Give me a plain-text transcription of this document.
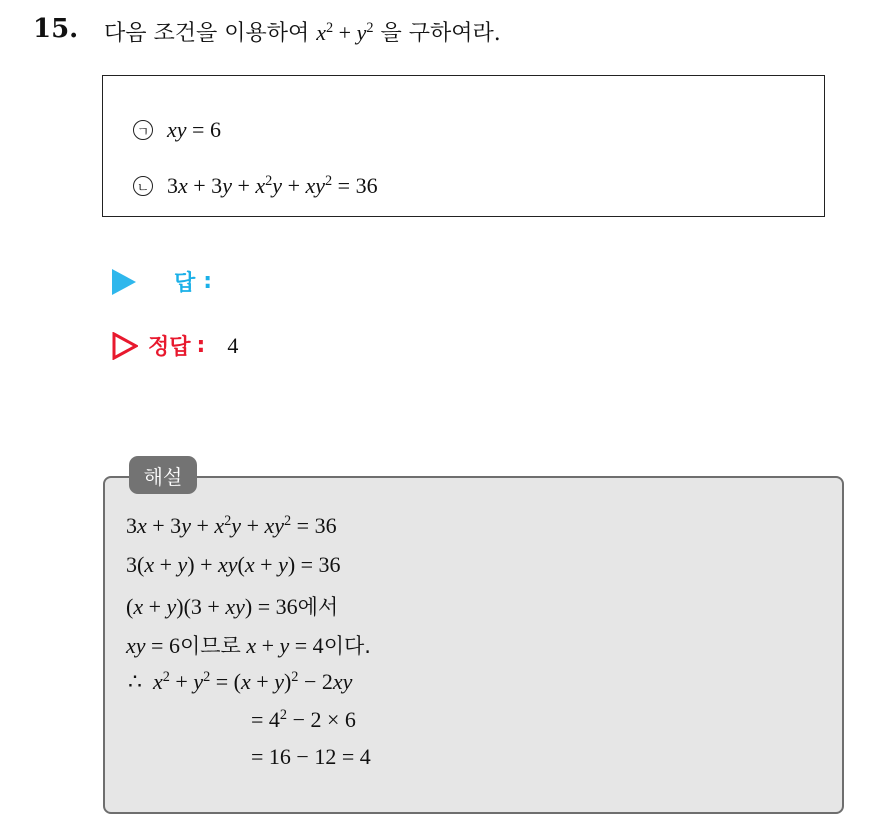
15. 다음 조건을 이용하여 $x^2 + y^2$ 을 구하여라.
ㄱ xy = 6
ㄴ $3x + 3y + x^2y + xy^2 = 36$
답 :
정답 : 4
해설
$3x + 3y + x^2y + xy^2 = 36$
3(x + y) + xy(x + y) = 36
(x + y)(3 + xy) = 36에서
xy = 6이므로 x + y = 4이다.
∴  $x^2 + y^2 = (x + y)^2 - 2xy$
= $4^2 - 2 \times 6$
= 16 − 12 = 4
